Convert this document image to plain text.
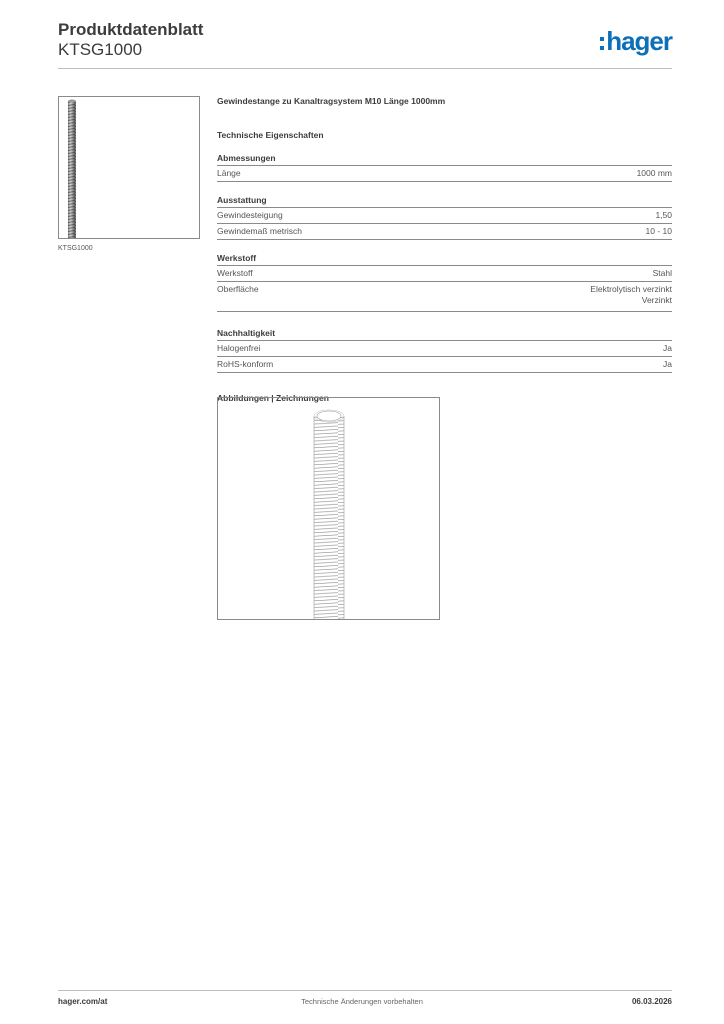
Produktdatenblatt
KTSG1000	hager
KTSG1000
Gewindestange zu Kanaltragsystem M10 Länge 1000mm
Technische Eigenschaften
Abmessungen
Länge	1000 mm
Ausstattung
Gewindesteigung	1,50
Gewindemaß metrisch	10 - 10
Werkstoff
Werkstoff	Stahl
Oberfläche	Elektrolytisch verzinkt
Verzinkt
Nachhaltigkeit
Halogenfrei	Ja
RoHS-konform	Ja
Abbildungen | Zeichnungen
hager.com/at	Technische Änderungen vorbehalten	06.03.2026
